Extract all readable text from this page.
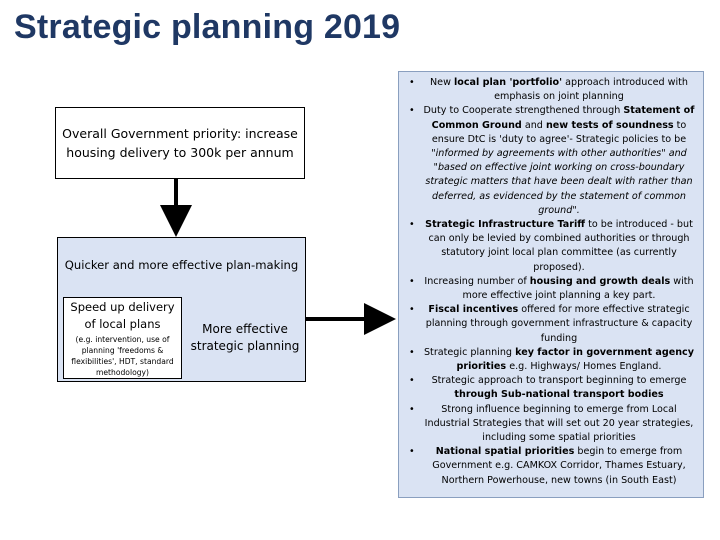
Strategic planning 2019
Overall Government priority: increase housing delivery to 300k per annum
Quicker and more effective plan-making
Speed up delivery of local plans
(e.g. intervention, use of planning 'freedoms & flexibilities', HDT, standard methodology)
More effective strategic planning
• New local plan 'portfolio' approach introduced with emphasis on joint planning
• Duty to Cooperate strengthened through Statement of Common Ground and new tests of soundness to ensure DtC is 'duty to agree'- Strategic policies to be "informed by agreements with other authorities" and "based on effective joint working on cross-boundary strategic matters that have been dealt with rather than deferred, as evidenced by the statement of common ground".
• Strategic Infrastructure Tariff to be introduced - but can only be levied by combined authorities or through statutory joint local plan committee (as currently proposed).
• Increasing number of housing and growth deals with more effective joint planning a key part.
• Fiscal incentives offered for more effective strategic planning through government infrastructure & capacity funding
• Strategic planning key factor in government agency priorities e.g. Highways/ Homes England.
• Strategic approach to transport beginning to emerge through Sub-national transport bodies
• Strong influence beginning to emerge from Local Industrial Strategies that will set out 20 year strategies, including some spatial priorities
• National spatial priorities begin to emerge from Government e.g. CAMKOX Corridor, Thames Estuary, Northern Powerhouse, new towns (in South East)
